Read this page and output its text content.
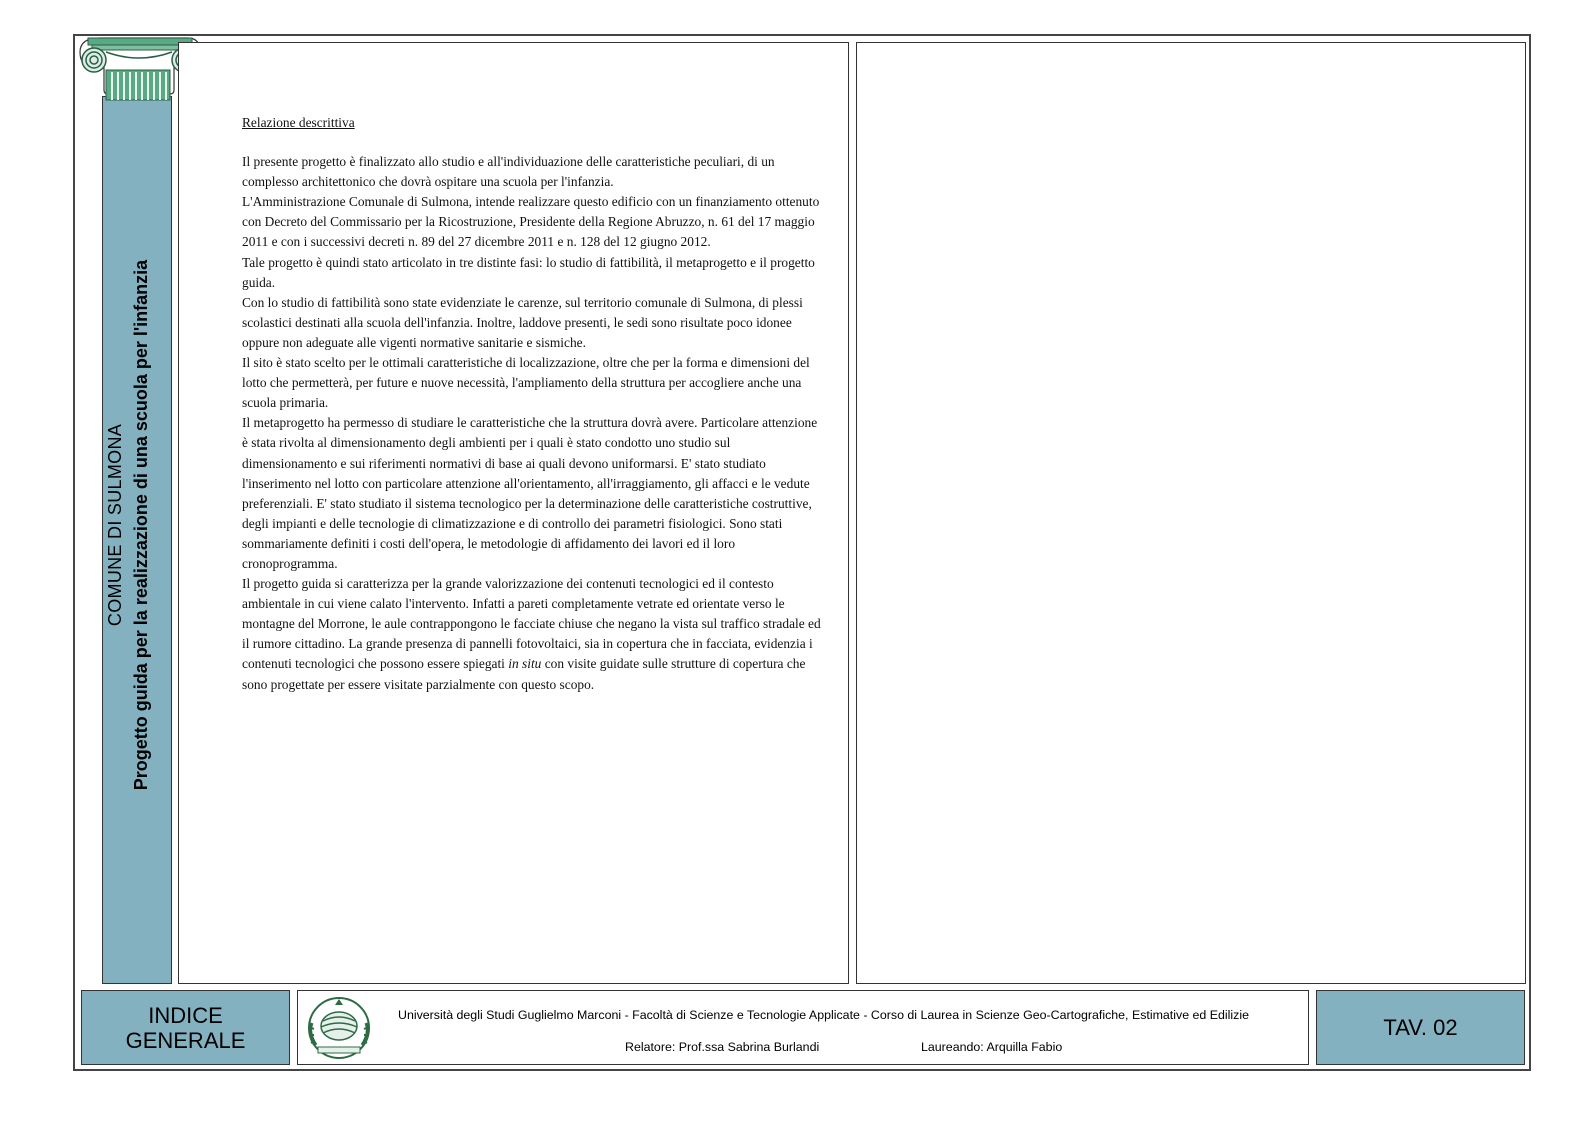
COMUNE DI SULMONA Progetto guida per la realizzazione di una scuola per l'infanzia
Relazione descrittiva

Il presente progetto è finalizzato allo studio e all'individuazione delle caratteristiche peculiari, di un complesso architettonico che dovrà ospitare una scuola per l'infanzia.

L'Amministrazione Comunale di Sulmona, intende realizzare questo edificio con un finanziamento ottenuto con Decreto del Commissario per la Ricostruzione, Presidente della Regione Abruzzo, n. 61 del 17 maggio 2011 e con i successivi decreti n. 89 del 27 dicembre 2011 e n. 128 del 12 giugno 2012.

Tale progetto è quindi stato articolato in tre distinte fasi: lo studio di fattibilità, il metaprogetto e il progetto guida.

Con lo studio di fattibilità sono state evidenziate le carenze, sul territorio comunale di Sulmona, di plessi scolastici destinati alla scuola dell'infanzia. Inoltre, laddove presenti, le sedi sono risultate poco idonee oppure non adeguate alle vigenti normative sanitarie e sismiche.

Il sito è stato scelto per le ottimali caratteristiche di localizzazione, oltre che per la forma e dimensioni del lotto che permetterà, per future e nuove necessità, l'ampliamento della struttura per accogliere anche una scuola primaria.

Il metaprogetto ha permesso di studiare le caratteristiche che la struttura dovrà avere. Particolare attenzione è stata rivolta al dimensionamento degli ambienti per i quali è stato condotto uno studio sul dimensionamento e sui riferimenti normativi di base ai quali devono uniformarsi. E' stato studiato l'inserimento nel lotto con particolare attenzione all'orientamento, all'irraggiamento, gli affacci e le vedute preferenziali. E' stato studiato il sistema tecnologico per la determinazione delle caratteristiche costruttive, degli impianti e delle tecnologie di climatizzazione e di controllo dei parametri fisiologici. Sono stati sommariamente definiti i costi dell'opera, le metodologie di affidamento dei lavori ed il loro cronoprogramma.

Il progetto guida si caratterizza per la grande valorizzazione dei contenuti tecnologici ed il contesto ambientale in cui viene calato l'intervento. Infatti a pareti completamente vetrate ed orientate verso le montagne del Morrone, le aule contrappongono le facciate chiuse che negano la vista sul traffico stradale ed il rumore cittadino. La grande presenza di pannelli fotovoltaici, sia in copertura che in facciata, evidenzia i contenuti tecnologici che possono essere spiegati in situ con visite guidate sulle strutture di copertura che sono progettate per essere visitate parzialmente con questo scopo.

INDICE
GENERALE
Università degli Studi Guglielmo Marconi - Facoltà di Scienze e Tecnologie Applicate - Corso di Laurea in Scienze Geo-Cartografiche, Estimative ed Edilizie
Relatore: Prof.ssa Sabrina Burlandi	Laureando: Arquilla Fabio
TAV. 02
